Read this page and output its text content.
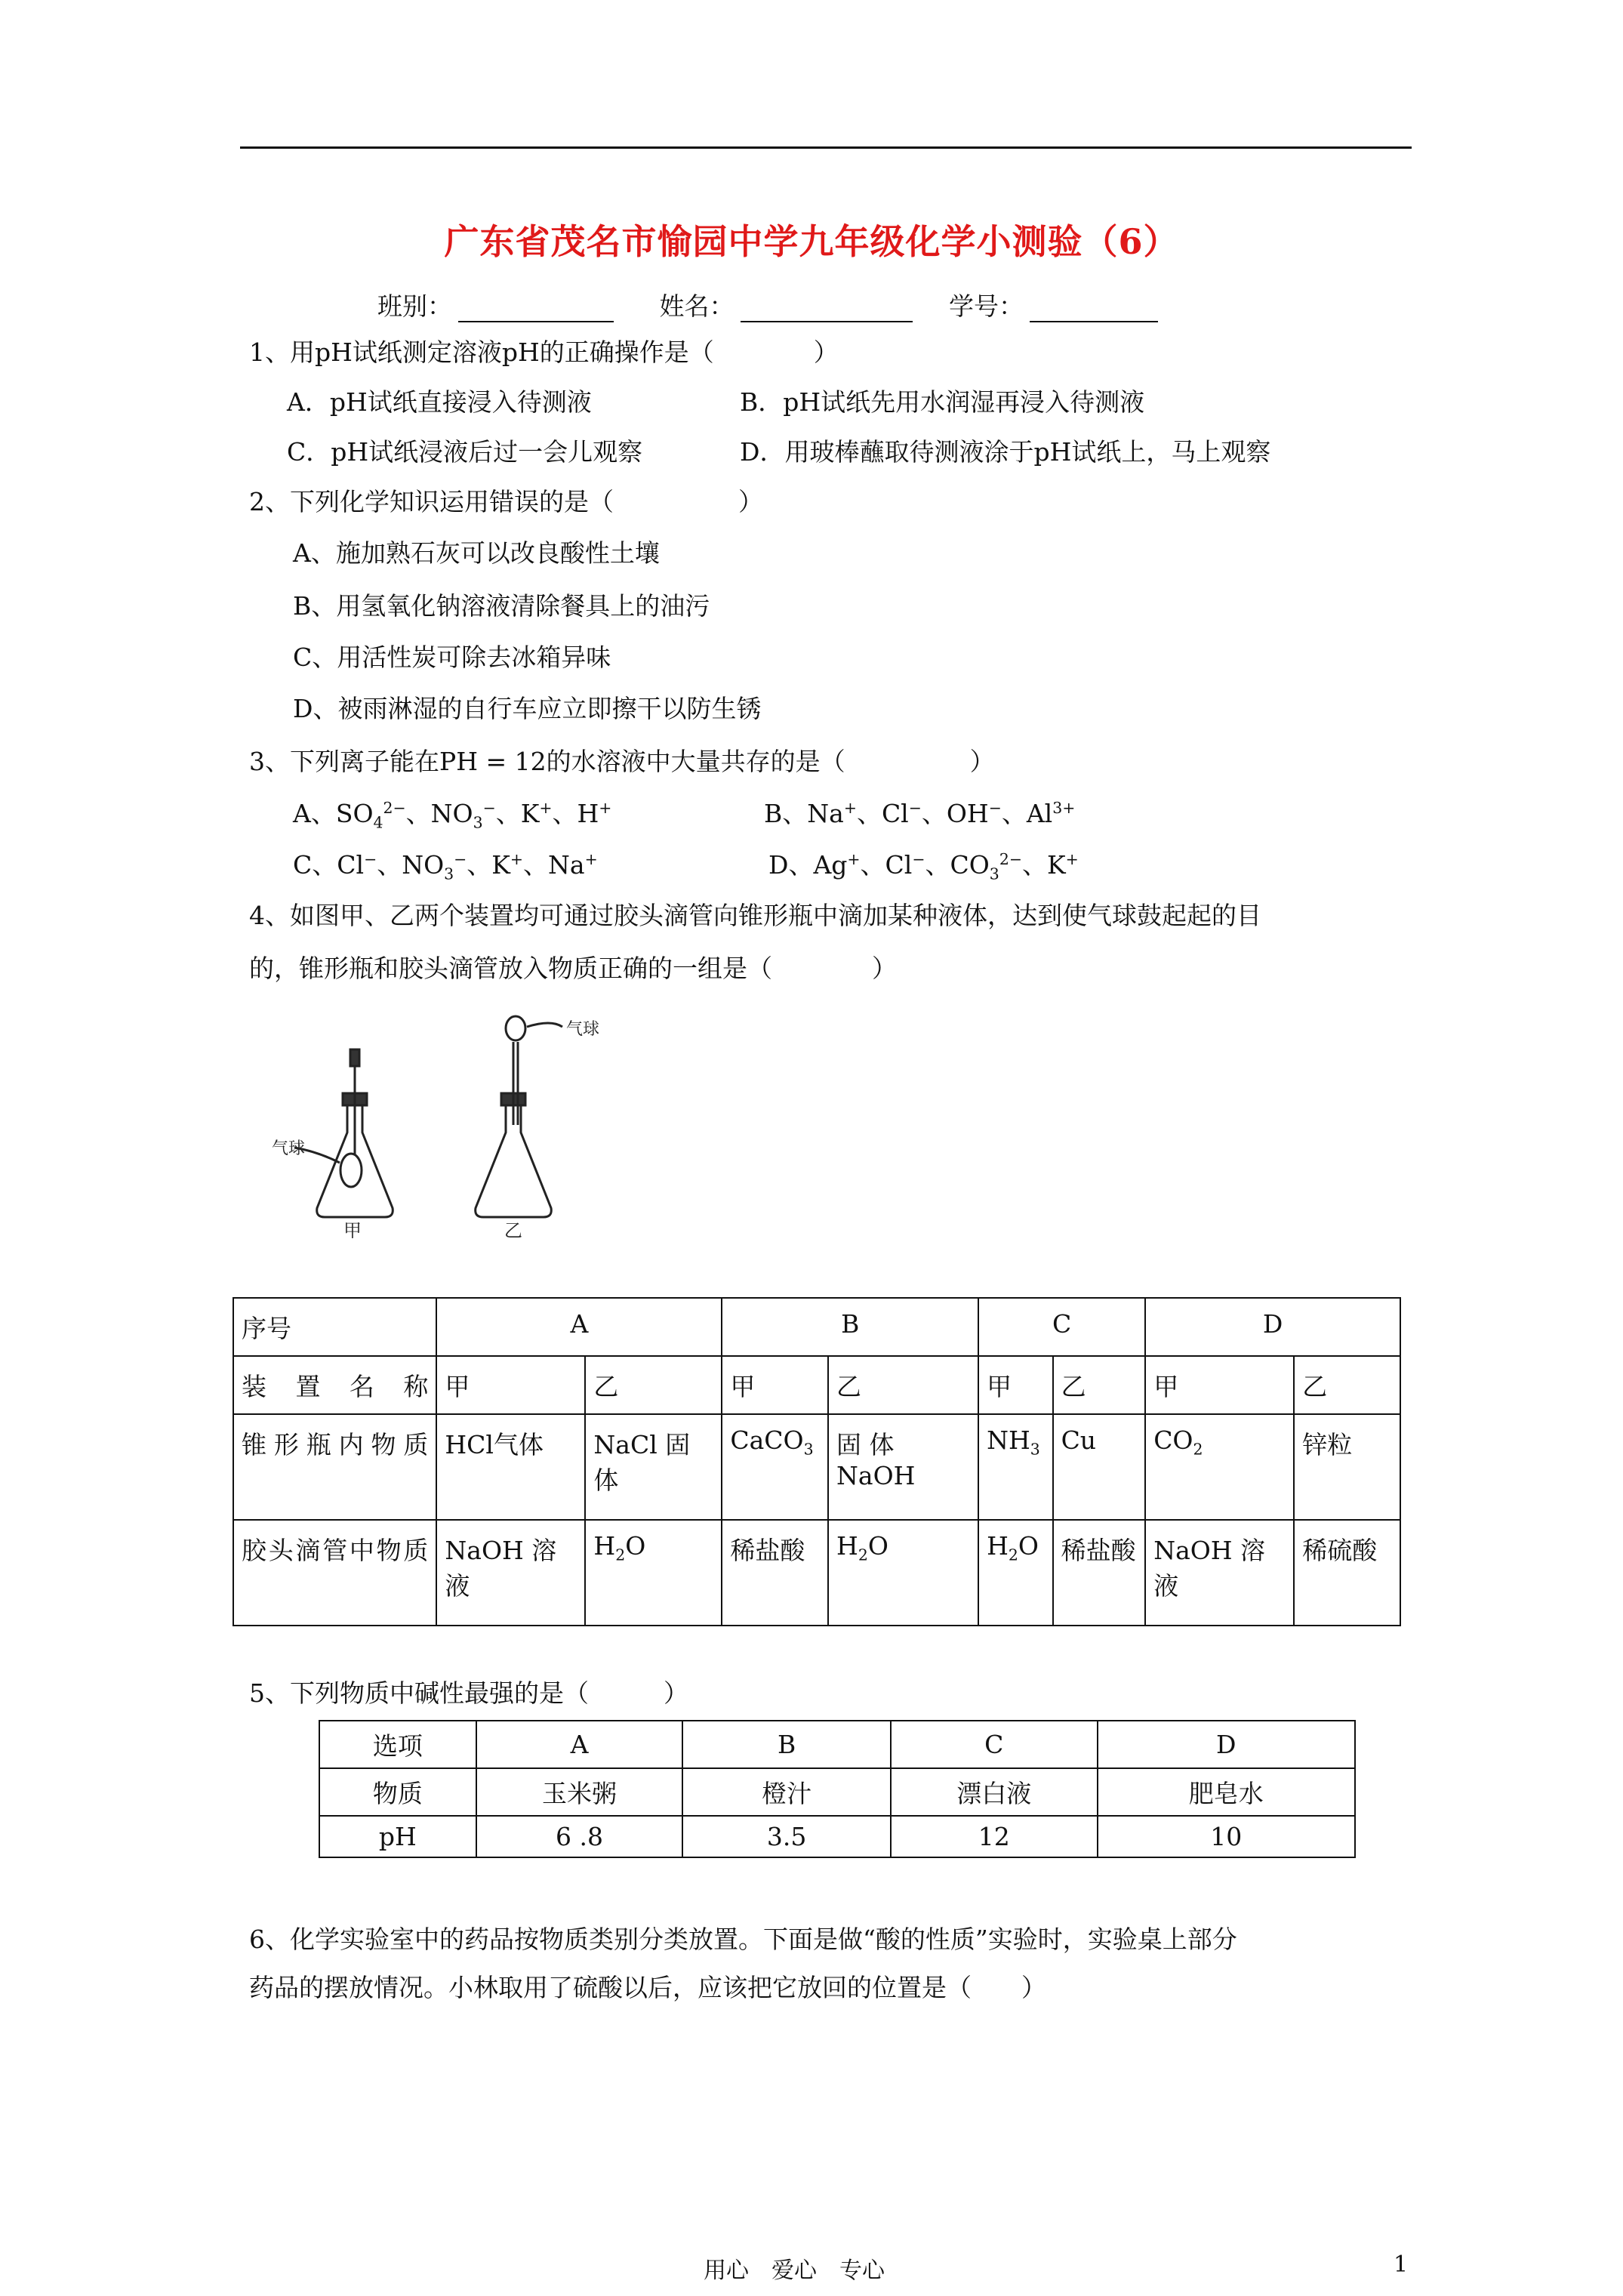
广东省茂名市愉园中学九年级化学小测验（6）
班别：	姓名：	学号：
1、用pH试纸测定溶液pH的正确操作是（　　　　）
A．pH试纸直接浸入待测液	B．pH试纸先用水润湿再浸入待测液
C．pH试纸浸液后过一会儿观察	D．用玻棒蘸取待测液涂于pH试纸上，马上观察
2、下列化学知识运用错误的是（　　　　　）
A、施加熟石灰可以改良酸性土壤
B、用氢氧化钠溶液清除餐具上的油污
C、用活性炭可除去冰箱异味
D、被雨淋湿的自行车应立即擦干以防生锈
3、下列离子能在PH = 12的水溶液中大量共存的是（　　　　　）
A、$SO_4^{2-}$、$NO_3^-$、K+、H+	B、Na+、Cl−、OH−、$Al^{3+}$
C、Cl−、$NO_3^-$、K+、Na+	D、Ag+、Cl−、$CO_3^{2-}$、K+
4、如图甲、乙两个装置均可通过胶头滴管向锥形瓶中滴加某种液体，达到使气球鼓起起的目
的，锥形瓶和胶头滴管放入物质正确的一组是（　　　　）
气球
气球
甲	乙
序号	A		B		C		D	
装置名称	甲	乙	甲	乙	甲	乙	甲	乙
锥形瓶内物质	HCl气体	NaCl 固体	CaCO$_3$	固 体 NaOH	$NH_3$	Cu	$CO_2$	锌粒
胶头滴管中物质	NaOH 溶液	$H_2O$	稀盐酸	$H_2O$	$H_2O$	稀盐酸	NaOH 溶液	稀硫酸
5、下列物质中碱性最强的是（　　　）
选项	A	B	C	D
物质	玉米粥	橙汁	漂白液	肥皂水
pH	6 .8	3.5	12	10
6、化学实验室中的药品按物质类别分类放置。下面是做“酸的性质”实验时，实验桌上部分
药品的摆放情况。小林取用了硫酸以后，应该把它放回的位置是（　　）
用心　爱心　专心	1
